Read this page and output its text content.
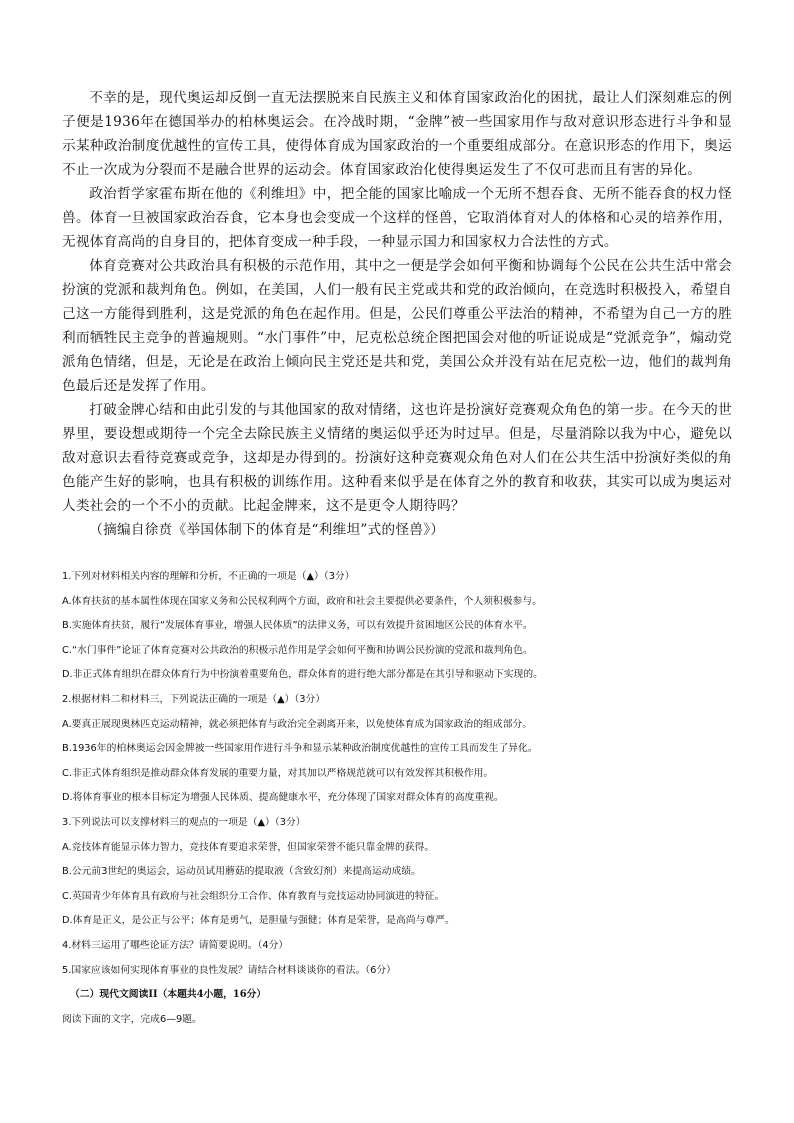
不幸的是，现代奥运却反倒一直无法摆脱来自民族主义和体育国家政治化的困扰，最让人们深刻难忘的例子便是1936年在德国举办的柏林奥运会。在冷战时期，“金牌”被一些国家用作与敌对意识形态进行斗争和显示某种政治制度优越性的宣传工具，使得体育成为国家政治的一个重要组成部分。在意识形态的作用下，奥运不止一次成为分裂而不是融合世界的运动会。体育国家政治化使得奥运发生了不仅可悲而且有害的异化。

政治哲学家霍布斯在他的《利维坦》中，把全能的国家比喻成一个无所不想吞食、无所不能吞食的权力怪兽。体育一旦被国家政治吞食，它本身也会变成一个这样的怪兽，它取消体育对人的体格和心灵的培养作用，无视体育高尚的自身目的，把体育变成一种手段，一种显示国力和国家权力合法性的方式。

体育竞赛对公共政治具有积极的示范作用，其中之一便是学会如何平衡和协调每个公民在公共生活中常会扮演的党派和裁判角色。例如，在美国，人们一般有民主党或共和党的政治倾向，在竞选时积极投入，希望自己这一方能得到胜利，这是党派的角色在起作用。但是，公民们尊重公平法治的精神，不希望为自己一方的胜利而牺牲民主竞争的普遍规则。“水门事件”中，尼克松总统企图把国会对他的听证说成是“党派竞争”，煽动党派角色情绪，但是，无论是在政治上倾向民主党还是共和党，美国公众并没有站在尼克松一边，他们的裁判角色最后还是发挥了作用。

打破金牌心结和由此引发的与其他国家的敌对情绪，这也许是扮演好竞赛观众角色的第一步。在今天的世界里，要设想或期待一个完全去除民族主义情绪的奥运似乎还为时过早。但是，尽量消除以我为中心，避免以敌对意识去看待竞赛或竞争，这却是办得到的。扮演好这种竞赛观众角色对人们在公共生活中扮演好类似的角色能产生好的影响，也具有积极的训练作用。这种看来似乎是在体育之外的教育和收获，其实可以成为奥运对人类社会的一个不小的贡献。比起金牌来，这不是更令人期待吗？

（摘编自徐贲《举国体制下的体育是“利维坦”式的怪兽》）

1.下列对材料相关内容的理解和分析，不正确的一项是（▲）（3分）
A.体育扶贫的基本属性体现在国家义务和公民权利两个方面，政府和社会主要提供必要条件，个人须积极参与。
B.实施体育扶贫，履行“发展体育事业，增强人民体质”的法律义务，可以有效提升贫困地区公民的体育水平。
C.“水门事件”论证了体育竞赛对公共政治的积极示范作用是学会如何平衡和协调公民扮演的党派和裁判角色。
D.非正式体育组织在群众体育行为中扮演着重要角色，群众体育的进行绝大部分都是在其引导和驱动下实现的。
2.根据材料二和材料三，下列说法正确的一项是（▲）（3分）
A.要真正展现奥林匹克运动精神，就必须把体育与政治完全剥离开来，以免使体育成为国家政治的组成部分。
B.1936年的柏林奥运会因金牌被一些国家用作进行斗争和显示某种政治制度优越性的宣传工具而发生了异化。
C.非正式体育组织是推动群众体育发展的重要力量，对其加以严格规范就可以有效发挥其积极作用。
D.将体育事业的根本目标定为增强人民体质、提高健康水平，充分体现了国家对群众体育的高度重视。
3.下列说法可以支撑材料三的观点的一项是（▲）（3分）
A.竞技体育能显示体力智力，竞技体育要追求荣誉，但国家荣誉不能只靠金牌的获得。
B.公元前3世纪的奥运会，运动员试用蘑菇的提取液（含致幻剂）来提高运动成绩。
C.英国青少年体育具有政府与社会组织分工合作、体育教育与竞技运动协同演进的特征。
D.体育是正义，是公正与公平；体育是勇气，是胆量与强健；体育是荣誉，是高尚与尊严。
4.材料三运用了哪些论证方法？请简要说明。（4分）
5.国家应该如何实现体育事业的良性发展？请结合材料谈谈你的看法。（6分）
（二）现代文阅读II（本题共4小题，16分）
阅读下面的文字，完成6—9题。
